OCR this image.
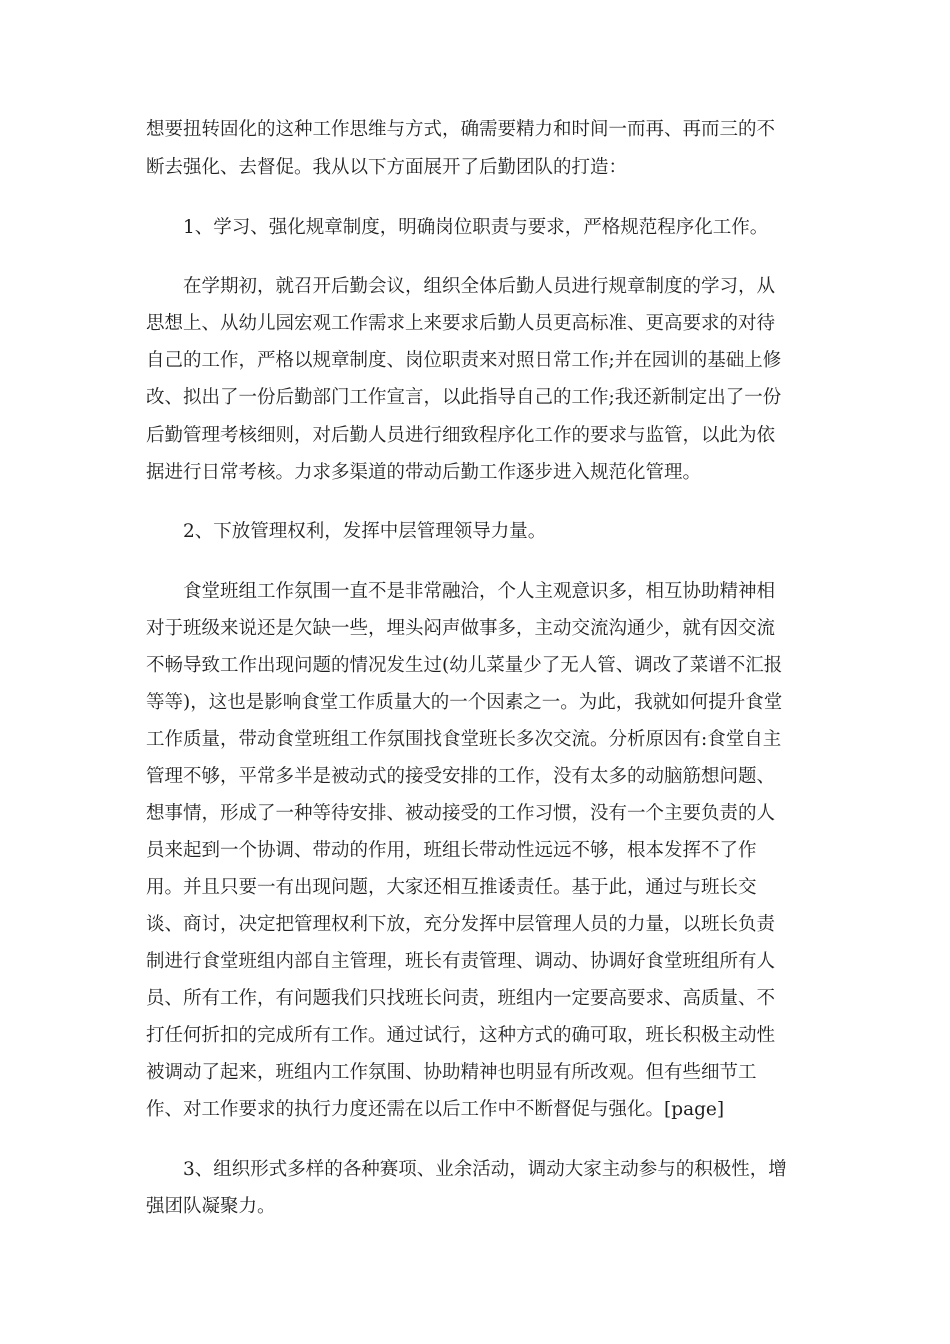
想要扭转固化的这种工作思维与方式，确需要精力和时间一而再、再而三的不
断去强化、去督促。我从以下方面展开了后勤团队的打造：
1、学习、强化规章制度，明确岗位职责与要求，严格规范程序化工作。
在学期初，就召开后勤会议，组织全体后勤人员进行规章制度的学习，从
思想上、从幼儿园宏观工作需求上来要求后勤人员更高标准、更高要求的对待
自己的工作，严格以规章制度、岗位职责来对照日常工作;并在园训的基础上修
改、拟出了一份后勤部门工作宣言，以此指导自己的工作;我还新制定出了一份
后勤管理考核细则，对后勤人员进行细致程序化工作的要求与监管，以此为依
据进行日常考核。力求多渠道的带动后勤工作逐步进入规范化管理。
2、下放管理权利，发挥中层管理领导力量。
食堂班组工作氛围一直不是非常融洽，个人主观意识多，相互协助精神相
对于班级来说还是欠缺一些，埋头闷声做事多，主动交流沟通少，就有因交流
不畅导致工作出现问题的情况发生过(幼儿菜量少了无人管、调改了菜谱不汇报
等等)，这也是影响食堂工作质量大的一个因素之一。为此，我就如何提升食堂
工作质量，带动食堂班组工作氛围找食堂班长多次交流。分析原因有:食堂自主
管理不够，平常多半是被动式的接受安排的工作，没有太多的动脑筋想问题、
想事情，形成了一种等待安排、被动接受的工作习惯，没有一个主要负责的人
员来起到一个协调、带动的作用，班组长带动性远远不够，根本发挥不了作
用。并且只要一有出现问题，大家还相互推诿责任。基于此，通过与班长交
谈、商讨，决定把管理权利下放，充分发挥中层管理人员的力量，以班长负责
制进行食堂班组内部自主管理，班长有责管理、调动、协调好食堂班组所有人
员、所有工作，有问题我们只找班长问责，班组内一定要高要求、高质量、不
打任何折扣的完成所有工作。通过试行，这种方式的确可取，班长积极主动性
被调动了起来，班组内工作氛围、协助精神也明显有所改观。但有些细节工
作、对工作要求的执行力度还需在以后工作中不断督促与强化。[page]
3、组织形式多样的各种赛项、业余活动，调动大家主动参与的积极性，增
强团队凝聚力。
